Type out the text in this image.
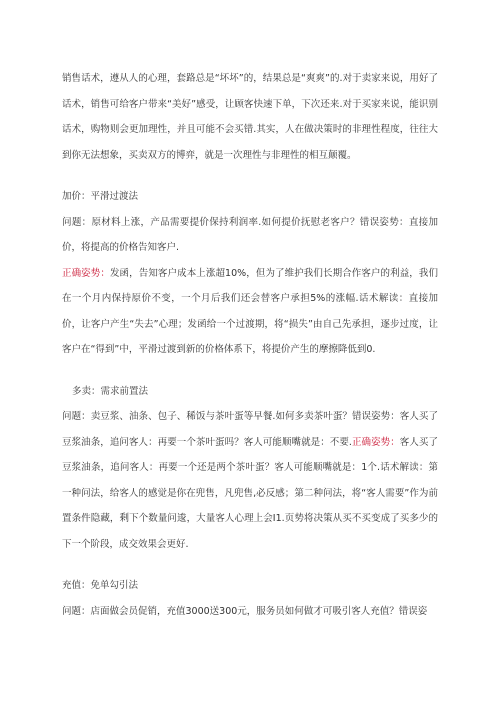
销售话术，遵从人的心理，套路总是“坏坏”的，结果总是“爽爽”的.对于卖家来说，用好了话术，销售可给客户带来“美好”感受，让顾客快速下单，下次还来.对于买家来说，能识别话术，购物则会更加理性，并且可能不会买错.其实，人在做决策时的非理性程度，往往大到你无法想象，买卖双方的博弈，就是一次理性与非理性的相互颠覆。

加价：平滑过渡法

问题：原材料上涨，产品需要提价保持利润率.如何提价抚慰老客户？错误姿势：直接加价，将提高的价格告知客户.

正确姿势：发函，告知客户成本上涨超10%，但为了维护我们长期合作客户的利益，我们在一个月内保持原价不变，一个月后我们还会替客户承担5%的涨幅.话术解读：直接加价，让客户产生“失去”心理；发函给一个过渡期，将“损失”由自己先承担，逐步过度，让客户在“得到”中，平滑过渡到新的价格体系下，将提价产生的摩擦降低到0.

多卖：需求前置法

问题：卖豆浆、油条、包子、稀饭与茶叶蛋等早餐.如何多卖茶叶蛋？错误姿势：客人买了豆浆油条，追问客人：再要一个茶叶蛋吗？客人可能顺嘴就是：不要.正确姿势：客人买了豆浆油条，追问客人：再要一个还是两个茶叶蛋？客人可能顺嘴就是：1个.话术解读：第一种问法，给客人的感觉是你在兜售，凡兜售,必反感；第二种问法，将“客人需要”作为前置条件隐藏，剩下个数量问逡，大量客人心理上会I1.页势将决策从买不买变成了买多少的下一个阶段，成交效果会更好.

充值：免单勾引法

问题：店面做会员促销，充值3000送300元，服务员如何做才可吸引客人充值？错误姿
